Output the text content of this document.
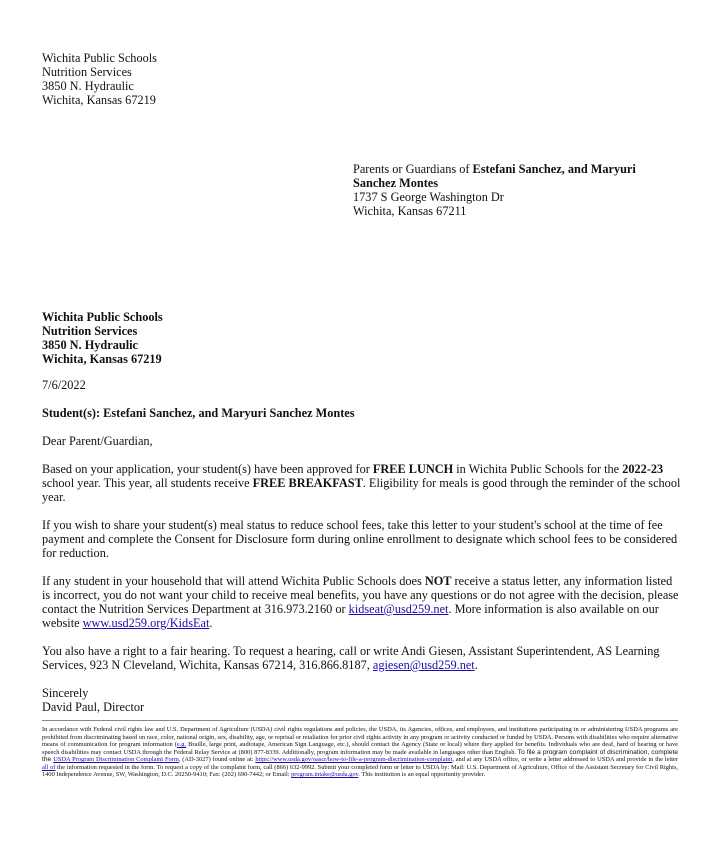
Wichita Public Schools
Nutrition Services
3850 N. Hydraulic
Wichita, Kansas 67219
Parents or Guardians of Estefani Sanchez, and Maryuri
Sanchez Montes
1737 S George Washington Dr
Wichita, Kansas 67211
Wichita Public Schools
Nutrition Services
3850 N. Hydraulic
Wichita, Kansas 67219
7/6/2022
Student(s): Estefani Sanchez, and Maryuri Sanchez Montes
Dear Parent/Guardian,
Based on your application, your student(s) have been approved for FREE LUNCH in Wichita Public Schools for the 2022-23 school year. This year, all students receive FREE BREAKFAST. Eligibility for meals is good through the reminder of the school year.
If you wish to share your student(s) meal status to reduce school fees, take this letter to your student's school at the time of fee payment and complete the Consent for Disclosure form during online enrollment to designate which school fees to be considered for reduction.
If any student in your household that will attend Wichita Public Schools does NOT receive a status letter, any information listed is incorrect, you do not want your child to receive meal benefits, you have any questions or do not agree with the decision, please contact the Nutrition Services Department at 316.973.2160 or kidseat@usd259.net. More information is also available on our website www.usd259.org/KidsEat.
You also have a right to a fair hearing. To request a hearing, call or write Andi Giesen, Assistant Superintendent, AS Learning Services, 923 N Cleveland, Wichita, Kansas 67214, 316.866.8187, agiesen@usd259.net.
Sincerely
David Paul, Director
In accordance with Federal civil rights law and U.S. Department of Agriculture (USDA) civil rights regulations and policies, the USDA, its Agencies, offices, and employees, and institutions participating in or administering USDA programs are prohibited from discriminating based on race, color, national origin, sex, disability, age, or reprisal or retaliation for prior civil rights activity in any program or activity conducted or funded by USDA. Persons with disabilities who require alternative means of communication for program information (e.g. Braille, large print, audiotape, American Sign Language, etc.), should contact the Agency (State or local) where they applied for benefits. Individuals who are deaf, hard of hearing or have speech disabilities may contact USDA through the Federal Relay Service at (800) 877-8339. Additionally, program information may be made available in languages other than English. To file a program complaint of discrimination, complete the USDA Program Discrimination Complaint Form, (AD-3027) found online at: https://www.usda.gov/oascr/how-to-file-a-program-discrimination-complaint, and at any USDA office, or write a letter addressed to USDA and provide in the letter all of the information requested in the form. To request a copy of the complaint form, call (866) 632-9992. Submit your completed form or letter to USDA by: Mail: U.S. Department of Agriculture, Office of the Assistant Secretary for Civil Rights, 1400 Independence Avenue, SW, Washington, D.C. 20250-9410; Fax: (202) 690-7442; or Email: program.intake@usda.gov. This institution is an equal opportunity provider.
